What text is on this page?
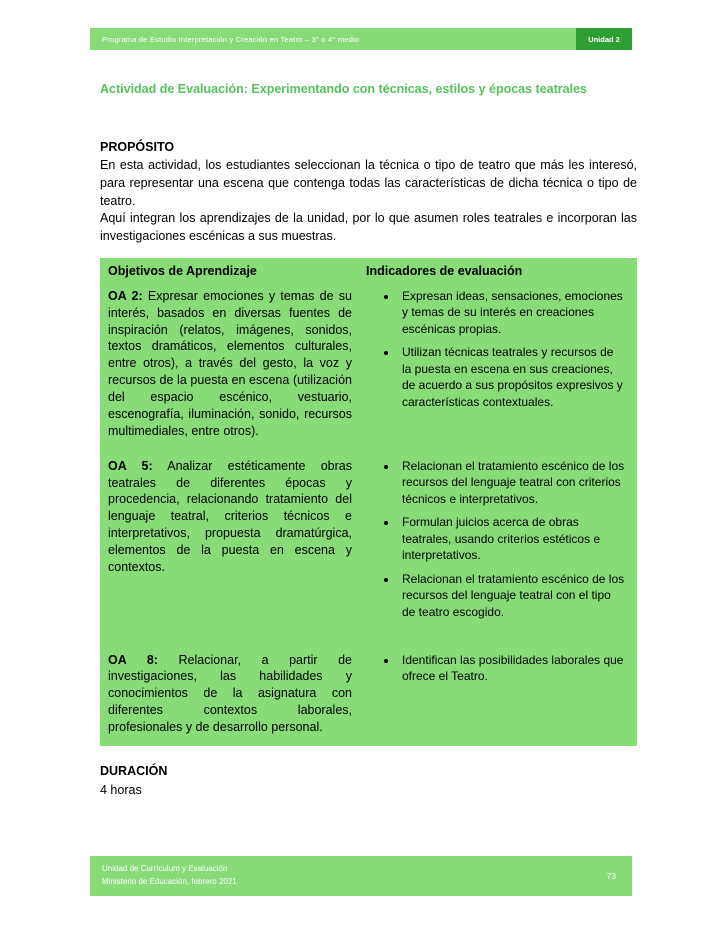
Programa de Estudio Interpretación y Creación en Teatro – 3° o 4° medio	Unidad 2
Actividad de Evaluación: Experimentando con técnicas, estilos y épocas teatrales
PROPÓSITO

En esta actividad, los estudiantes seleccionan la técnica o tipo de teatro que más les interesó, para representar una escena que contenga todas las características de dicha técnica o tipo de teatro.

Aquí integran los aprendizajes de la unidad, por lo que asumen roles teatrales e incorporan las investigaciones escénicas a sus muestras.

Objetivos de Aprendizaje	Indicadores de evaluación
OA 2: Expresar emociones y temas de su interés, basados en diversas fuentes de inspiración (relatos, imágenes, sonidos, textos dramáticos, elementos culturales, entre otros), a través del gesto, la voz y recursos de la puesta en escena (utilización del espacio escénico, vestuario, escenografía, iluminación, sonido, recursos multimediales, entre otros).
• Expresan ideas, sensaciones, emociones y temas de su interés en creaciones escénicas propias.
• Utilizan técnicas teatrales y recursos de la puesta en escena en sus creaciones, de acuerdo a sus propósitos expresivos y características contextuales.
OA 5: Analizar estéticamente obras teatrales de diferentes épocas y procedencia, relacionando tratamiento del lenguaje teatral, criterios técnicos e interpretativos, propuesta dramatúrgica, elementos de la puesta en escena y contextos.
• Relacionan el tratamiento escénico de los recursos del lenguaje teatral con criterios técnicos e interpretativos.
• Formulan juicios acerca de obras teatrales, usando criterios estéticos e interpretativos.
• Relacionan el tratamiento escénico de los recursos del lenguaje teatral con el tipo de teatro escogido.
OA 8: Relacionar, a partir de investigaciones, las habilidades y conocimientos de la asignatura con diferentes contextos laborales, profesionales y de desarrollo personal.
• Identifican las posibilidades laborales que ofrece el Teatro.
DURACIÓN

4 horas

Unidad de Currículum y Evaluación
Ministerio de Educación, febrero 2021
73
